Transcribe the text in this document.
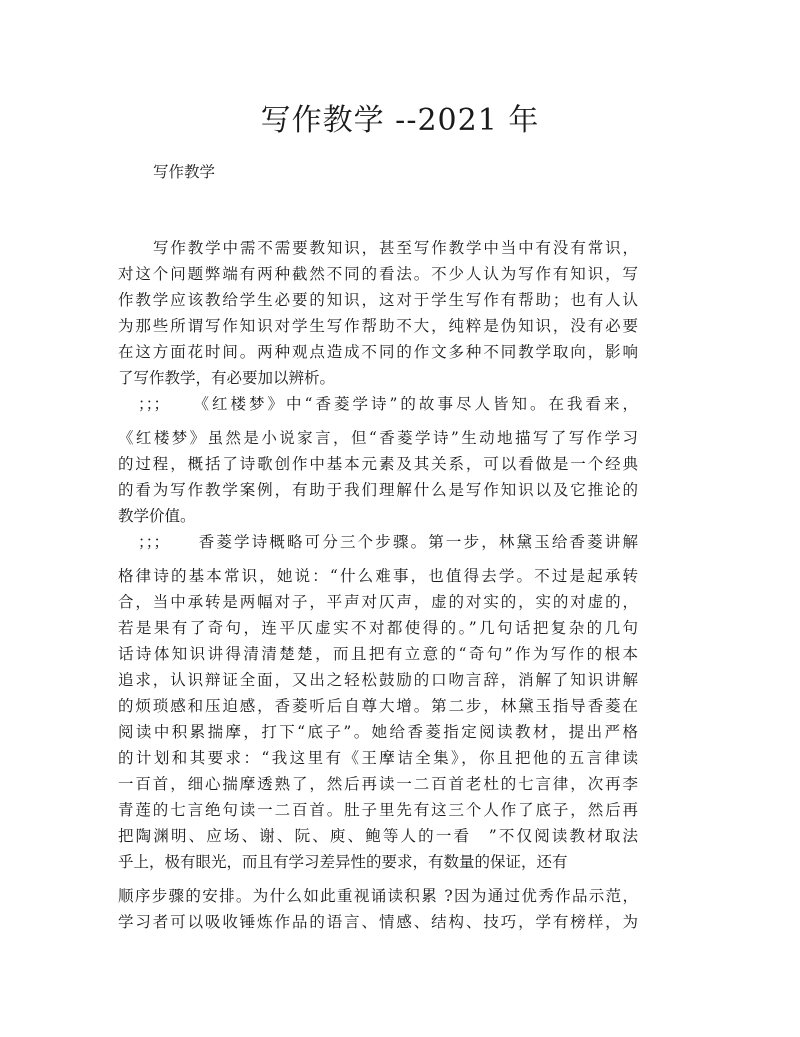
写作教学 --2021 年
写作教学
写作教学中需不需要教知识，甚至写作教学中当中有没有常识，
对这个问题弊端有两种截然不同的看法。不少人认为写作有知识，写
作教学应该教给学生必要的知识，这对于学生写作有帮助；也有人认
为那些所谓写作知识对学生写作帮助不大，纯粹是伪知识，没有必要
在这方面花时间。两种观点造成不同的作文多种不同教学取向，影响
了写作教学，有必要加以辨析。
；；；　　《红楼梦》中“香菱学诗”的故事尽人皆知。在我看来，
《红楼梦》虽然是小说家言，但“香菱学诗”生动地描写了写作学习
的过程，概括了诗歌创作中基本元素及其关系，可以看做是一个经典
的看为写作教学案例，有助于我们理解什么是写作知识以及它推论的
教学价值。
；；；　　香菱学诗概略可分三个步骤。第一步，林黛玉给香菱讲解
格律诗的基本常识，她说：“什么难事，也值得去学。不过是起承转
合，当中承转是两幅对子，平声对仄声，虚的对实的，实的对虚的，
若是果有了奇句，连平仄虚实不对都使得的。”几句话把复杂的几句
话诗体知识讲得清清楚楚，而且把有立意的“奇句”作为写作的根本
追求，认识辩证全面，又出之轻松鼓励的口吻言辞，消解了知识讲解
的烦琐感和压迫感，香菱听后自尊大增。第二步，林黛玉指导香菱在
阅读中积累揣摩，打下“底子”。她给香菱指定阅读教材，提出严格
的计划和其要求：“我这里有《王摩诘全集》，你且把他的五言律读
一百首，细心揣摩透熟了，然后再读一二百首老杜的七言律，次再李
青莲的七言绝句读一二百首。肚子里先有这三个人作了底子，然后再
把陶渊明、应场、谢、阮、庾、鲍等人的一看　”不仅阅读教材取法
乎上，极有眼光，而且有学习差异性的要求，有数量的保证，还有
顺序步骤的安排。为什么如此重视诵读积累 ?因为通过优秀作品示范，
学习者可以吸收锤炼作品的语言、情感、结构、技巧，学有榜样，为
